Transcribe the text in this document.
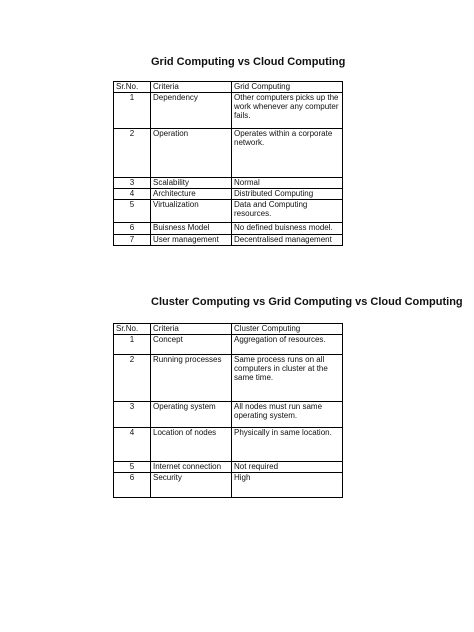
Grid Computing vs Cloud Computing
Sr.No.	Criteria	Grid Computing
1	Dependency	Other computers picks up the work whenever any computer fails.
2	Operation	Operates within a corporate network.
3	Scalability	Normal
4	Architecture	Distributed Computing
5	Virtualization	Data and Computing resources.
6	Buisness Model	No defined buisness model.
7	User management	Decentralised management
Cluster Computing vs Grid Computing vs Cloud Computing
Sr.No.	Criteria	Cluster Computing
1	Concept	Aggregation of resources.
2	Running processes	Same process runs on all computers in cluster at the same time.
3	Operating system	All nodes must run same operating system.
4	Location of nodes	Physically in same location.
5	Internet connection	Not required
6	Security	High
